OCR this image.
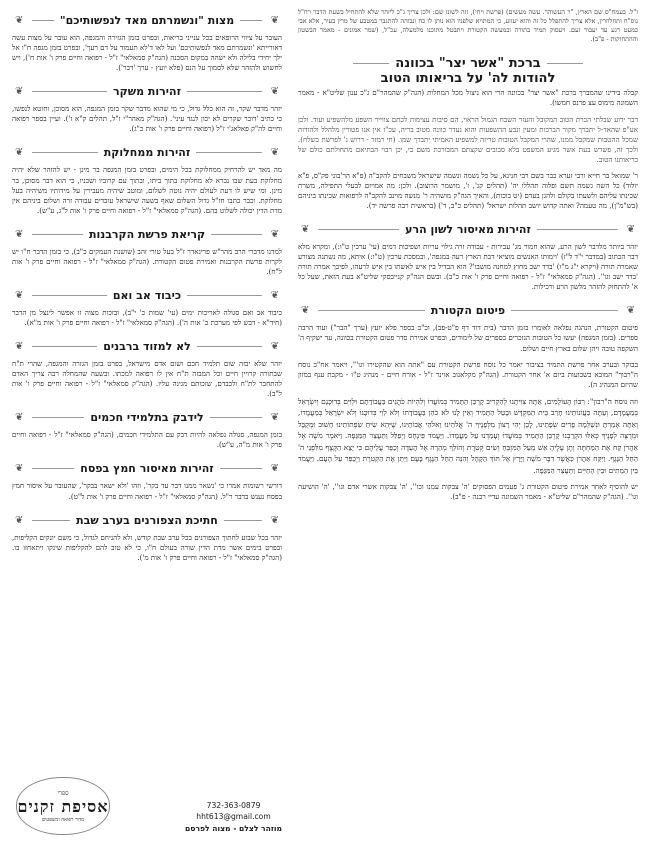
ז"ל. בעמח"ס שם הארץ, "ר העשוהר. עשה מעשים) (פרשת ויחי), זזה לשונו שם: ולכן צריך ג"כ ליזהר שלא להתחיל בשעת הדבר רח"ל נוס"ח ותחלוזרין, אלא צריך להתפלל כל זה והוא יעזוע, כי המתויא שלפניו הוא נותן לו כח ונבוהה להתגבר במטבע של מרין בעיר, אלא אבי כמעט רגע עד יעבור זעם. ויעסוק תמיד בתורה ובמעשה הקטורת ויתבטל מתוכנו מלמעלה, עכ"ל, (שמר אמונים - מאמר הבשטון וההתחזקות - פ"ב).

ברכת "אשר יצר" בכוונה
להודות לה' על בריאותו הטוב

קבלה בידינו שהמברך ברכת "אשר יצר" בכוונה הרי הוא ניצול מכל המחלות (הגה"ק שהמהר"ם ג"כ ענון שליט"א - מאמר השמונה מימוס עצ פרנס חמשו).

דבר ידוע שבלתי הכרת הטוב המקובל והעזר השבח הגמול הראוי, הם סיבות עצימות לכתם צווייר השפע מלהשפיע ועוד. ולכן אע"פ שהאד-ל יתברך מקור הברכות ומעין ונבע ההשפעות והוא נעדר כוונה מטוב בריה, עכ"ז אין אנו פטורין מלהלל ולהודות שמכל ההטבות שמקבל ממנו, שהרי המקבל הטובות טריזה למשפיע האמיתי יתברך שמו. (חי רמזר - דרוש נ' לפרשת בשלח). ולכך זה, פשרש בעת אשר מגיע המשפט בלא סבובים שקצתם המבורכת משם בי, יכן רבוי הבתיאם מתחולתם כולם של בריאותנו הטוב.

ר' שמואל בר חייא ורבי זערא כבר בשם רבי חנינא, על כל נשמה ונשמה שישראל משבחים להקב"ה (פ"א הר'בוני פק"ס, פ"א יולוד) כל השה גשמה תשם ופלוה תהללו יה' (תהלים קנ', ו', מושמר הרוצוב). ולכן: מה אמויזם לבעלי התפילה, משרת שכינתו עליהם ולשעתו בקולם ולהגן בעדם (יט בוכות), והאיך הגה"ק מושהיה ר' מנשה מוינב להקב"ה לרפואות שכינתו ביניהם (בש"מ"ן), מה טעמה? ואתה קדוש יושב תהלות ישראל' (תהלים כ"ב, ד') (בראשית רבה פרשה יד).

❦
זהירות מאיסור לשון הרע
❦

יזהר ביותר מלדבר לשון הרע, שהוא חמור מג' עבירות - עבודה זרה גילוי עריות ושפיכות דמים (עי' ערכין ט"ו:), ומקרא מלא דבר הכתוב (במדבר י"ד ל"ז) 'וימותו האנשים מוציאי דבת הארץ רעה במגפה', ובמסכת ערכין (ט"ו:) איתא, מה נשתנה מצורע שאמרה תורה (ויקרא י"ג מ"ו) 'בדד ישב מחוץ למחנה מושבו'? הוא הבדיל בין איש לאשתו בין איש לרעהו, לפיכך אמרה תורה 'בדד ישב וגו''. (הגה"ק סמאלאי" ז"ל - רפואה וחיים פרק ו' אות כ"ב). ובשם הגה"ק קנייבסקי שליט"א בעת הזאת, שעל כל א' להתחזק להזהר מלשון הרע ורכילות.

❦
פיטום הקטורת
❦

פיטום הקטורת, הנהגה נפלאה לאומרו בזמן הדבר (בית דוד דף פ"ט-פב), וכ"ב בספר פלא יועץ (ערך "הבר") ועוד הרבה ספרים. (בזמן המגפה) יעשו כל הטובות הנזכרים בספרים של לימודים, ובפרט אמירת סדר פטום הקטורת בכוונה, עד ישקיף ה' השקפה טובה ויהן שלום בארץ חיים ושלום.

בבוקר ובערב אחר פרשת התמיד בציבור יאמר כל נוסח פרשת הקטורת עם "אתה הוא שהקטירו וגו'", ויאמר אח"כ נוסח ה"רבוך" המובא בשבועות ביום א' אחר הקטורת. (הגה"ק מקלאנוב אוינר ז"ל - אורח חיים - מנהיג ט"ו - מקבת ענף במזון שהיזם המנהיג ה).

וזה נוסח ה"רבון": רִבּוֹן הָעוֹלָמִים, אַתָּה צִוִּיתָנוּ לְהַקְרִיב קָרְבַּן הַתָּמִיד בְּמוֹעֲדוֹ וְלִהְיוֹת כֹּהֲנִים בַּעֲבוֹדָתָם וּלְוִיִּם בְּדוּכָנָם וְיִשְׂרָאֵל בְּמַעֲמָדָם, וְעַתָּה בַּעֲוֹנוֹתֵינוּ חָרַב בֵּית הַמִּקְדָּשׁ וּבָטַל הַתָּמִיד וְאֵין לָנוּ לֹא כֹהֵן בַּעֲבוֹדָתוֹ וְלֹא לֵוִי בְּדוּכָנוֹ וְלֹא יִשְׂרָאֵל בְּמַעֲמָדוֹ, וְאַתָּה אָמַרְתָּ וּנְשַׁלְּמָה פָרִים שְׂפָתֵינוּ, לָכֵן יְהִי רָצוֹן מִלְּפָנֶיךָ ה' אֱלֹהֵינוּ וֵאלֹהֵי אֲבוֹתֵינוּ, שֶׁיְּהֵא שִׂיחַ שִׂפְתוֹתֵינוּ חָשׁוּב וּמְקֻבָּל וּמְרֻצֶּה לְפָנֶיךָ כְּאִלּוּ הִקְרַבְנוּ קָרְבַּן הַתָּמִיד בְּמוֹעֲדוֹ וְעָמַדְנוּ עַל מַעֲמָדוֹ. וַיַּעֲמֹד פִּינְחָס וַיְפַלֵּל וַתֵּעָצַר הַמַּגֵּפָה. וַיֹּאמֶר מֹשֶׁה אֶל אַהֲרֹן קַח אֶת הַמַּחְתָּה וְתֶן עָלֶיהָ אֵשׁ מֵעַל הַמִּזְבֵּחַ וְשִׂים קְטֹרֶת וְהוֹלֵךְ מְהֵרָה אֶל הָעֵדָה וְכַפֵּר עֲלֵיהֶם כִּי יָצָא הַקֶּצֶף מִלִּפְנֵי ה' הֵחֵל הַנָּגֶף. וַיִּקַּח אַהֲרֹן כַּאֲשֶׁר דִּבֶּר מֹשֶׁה וַיָּרָץ אֶל תּוֹךְ הַקָּהָל וְהִנֵּה הֵחֵל הַנֶּגֶף בָּעָם וַיִּתֵּן אֶת הַקְּטֹרֶת וַיְכַפֵּר עַל הָעָם. וַיַּעֲמֹד בֵּין הַמֵּתִים וּבֵין הַחַיִּים וַתֵּעָצַר הַמַּגֵּפָה.

יש להוסיף לאחר אמירת פיטום הקטורת ג' פעמים הפסוקים 'ה' צבקות עמנו וכו'', 'ה' צבקות אשרי אדם וגו'', 'ה' הושיעה וגו''. (הגה"ק שהמהר"ם שליט"א - מאמר השמונה עדיי רבנה - פ"ב).

❦
מצות "ונשמרתם מאד לנפשותיכם"
❦

העובר על ציווי הרופאים בכל ענייני בריאות, ובפרט בזמן הגזירה והמגפה, הוא עובר על מצות עשה דאורייתא 'ונשמרתם מאד לנפשותיכם' ועל לאו ד'לא תעמוד על דם רעך', ובפרט בזמן מגפה ח"ו אל ילך יחידי בלילה ולא ישהה במקום הסכנה (הגה"ק סמאלאי" ז"ל - רפואה וחיים פרק ו' אות ח'), ויש לחשוש ולהזהר שלא לסמוך על הנס (פלא יועץ - ערך 'דבר').

❦
זהירות משקר
❦

יזהר מדבר שקר, זה הוא כלל גדול, כי מי שהוא מדבר שקר בזמן המגפה, הוא מסוכן, וחוטא לנפשו, כי כתיב 'דובר שקרים לא יכון לנגד עיני'. (הגה"ק מאהר"י ז"ל, תהלים ק"א ז'). ועיין בספר רפואה וחיים לה"ק פאלאג'י ז"ל (רפואה וחיים פרק ו' אות כ"ג).

❦
זהירות ממחלוקת
❦

מה מאד יש להרחיק ממחלוקת בכל הימים, ובפרט בזמן המגפה בר מינן - יש להזהר שלא יהיה מחלוקת בעת שבו נברא לא מחלוקת בתוך ביתו, ובתוך עם קרוביו ושכניו, כי הוא דבר מסוכן, בר מינן. ומי שיש לו דעת לעולם יהיה נוטה לשלום, ומוטב שיהיה מעבירין על מידותיו משיהיה בעל מחלוקת. וכבר כתבו חז"ל גדול השלום שאף בשעה שישראל עובדים עבודה זרה ושלום ביניהם אין מדת הדין יכולה לשלוט בהם. (הגה"ק סמאלאי" ז"ל - רפואה וחיים פרק ו' אות ל"ג, ע"ש).

❦
קריאת פרשת הקרבנות
❦

למדנו מדברי הרב מהר"ש פריגאדר ז"ל בעל טורי זהב (שושנת העמקים כ"ב), כי בזמן הדבר ח"ו יש לקרות פרשת הקרבנות ואמירת פטום הקטורת. (הגה"ק סמאלאי" ז"ל - רפואה וחיים פרק ו' אות ל"ח).

❦
כיבוד אב ואם
❦

כיבוד אב ואם סגולה לאריכות ימים (עי' שמות כ' י"ב), ובזכות מצוה זו אפשר לינצל מן הדבר (חיד"א - דבש לפי מערכת כ' אות ה'). (הגה"ק סמאלאי" ז"ל - רפואה וחיים פרק ו' אות מ"א).

❦
לא למזוד ברבנים
❦

יזהר שלא יבזה שום תלמיד חכם ושום אדם מישראל, בפרט בזמן הגזרה והמגפה, שהרי ת"ח שבתורה קרויין חיים וכל המבזה ת"ח אין לו רפואה למכתו. ובשעה שהמחלה רבה צריך האדם להתחבר לת"ח ולכבדם, שזכותם מגינה עליו. (הגה"ק סמאלאי" ז"ל - רפואה וחיים פרק ו' אות ל"ב).

❦
לידבק בתלמידי חכמים
❦

בזמן המגפה, סגולה נפלאה להיות דבק עם התלמידי חכמים, (הגה"ק סמאלאי" ז"ל - רפואה וחיים פרק ו' אות מ"ה, ע"ש).

❦
זהירות מאיסור חמץ בפסח
❦

דורשי רשומות אמרו כי 'נשאר ממנו דבר עד בקר', וזהו 'ולא ישאר בבקר', שהעובר על איסור חמץ בפסח נענש בדבר ר"ל. (הגה"ק סמאלאי" ז"ל - רפואה וחיים פרק ו' אות ל"ט).

❦
חתיכת הצפורנים בערב שבת
❦

יזהר בכל שבוע לחתוך הצפורנים בכל ערב שבת קודש, ולא להניחם לגדול, כי משם יונקים הקליפות, ובפרט בימים אשר מדת הדין שורה בעולם ח"ו, כי לא טוב להם להקליפות שינקו ויתאחזו בו. (הגה"ק סמאלאי" ז"ל - רפואה וחיים פרק ו' אות מ').

ספרי
אסיפת זקנים
מדור רפואה ומשפטים
732-363-0879
hht613@gmail.com
מוזהר לצלם - מצוה לפרסם
